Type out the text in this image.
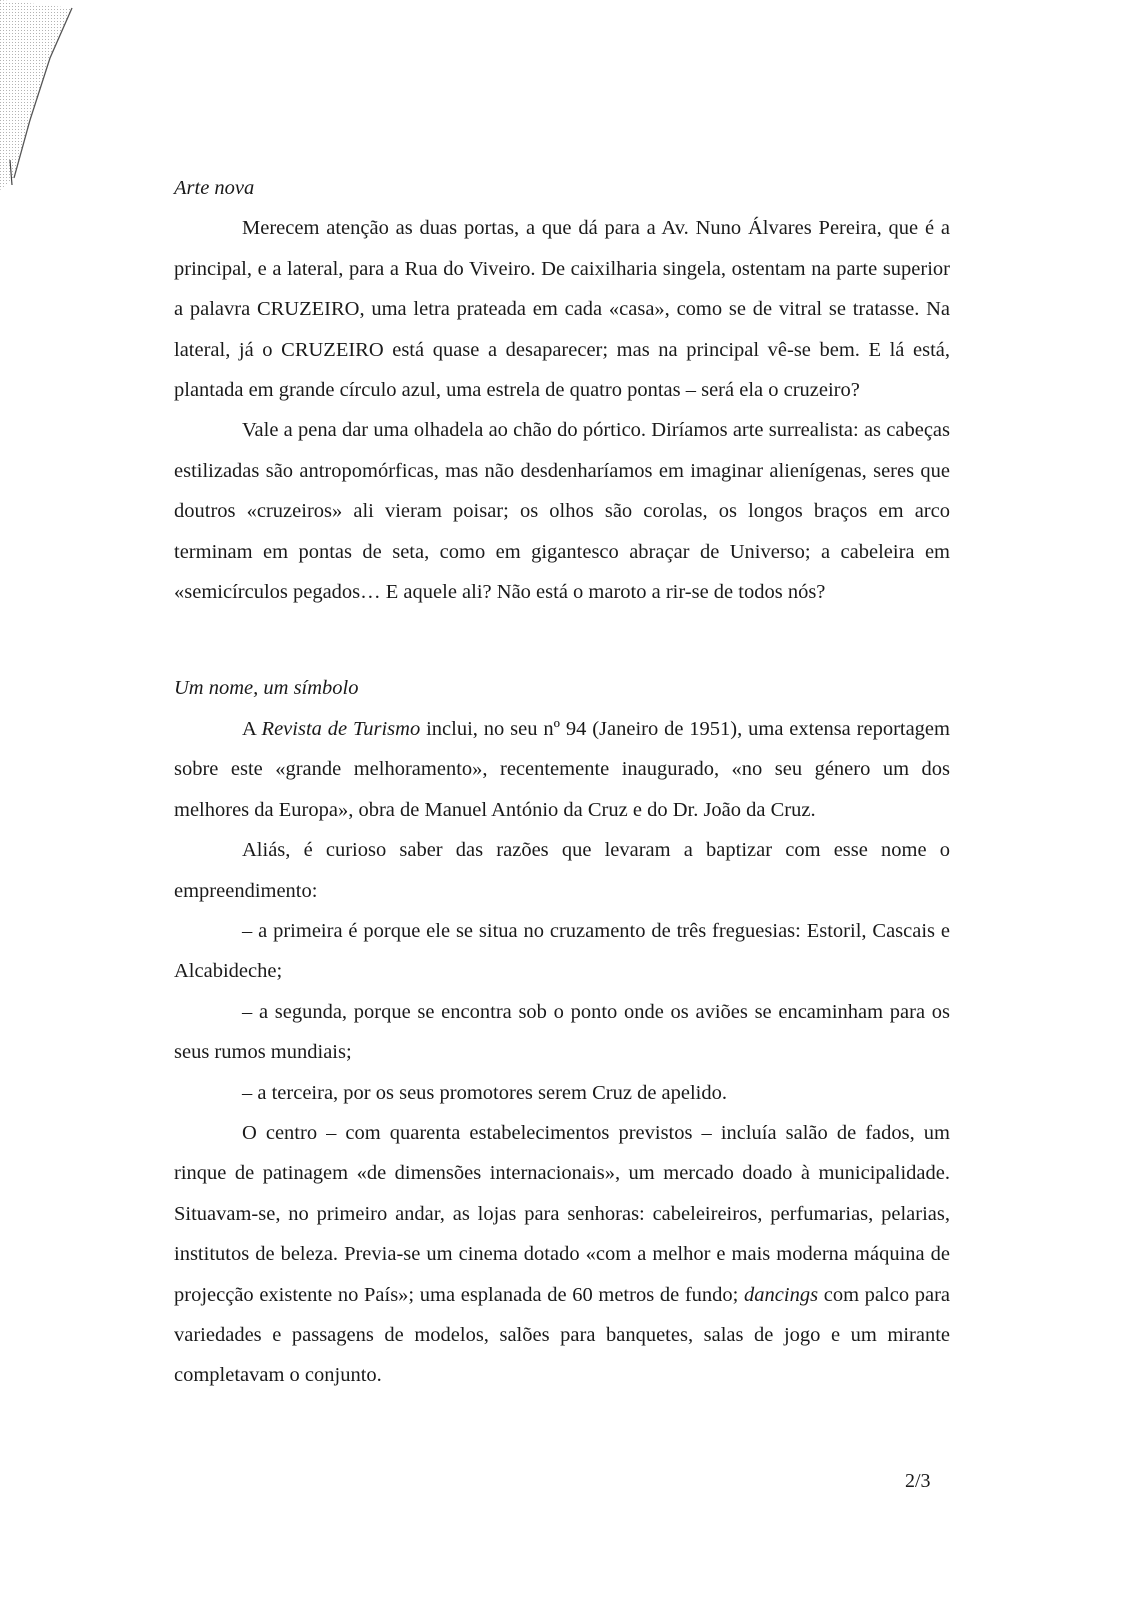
Arte nova

Merecem atenção as duas portas, a que dá para a Av. Nuno Álvares Pereira, que é a principal, e a lateral, para a Rua do Viveiro. De caixilharia singela, ostentam na parte superior a palavra CRUZEIRO, uma letra prateada em cada «casa», como se de vitral se tratasse. Na lateral, já o CRUZEIRO está quase a desaparecer; mas na principal vê-se bem. E lá está, plantada em grande círculo azul, uma estrela de quatro pontas – será ela o cruzeiro?

Vale a pena dar uma olhadela ao chão do pórtico. Diríamos arte surrealista: as cabeças estilizadas são antropomórficas, mas não desdenharíamos em imaginar alienígenas, seres que doutros «cruzeiros» ali vieram poisar; os olhos são corolas, os longos braços em arco terminam em pontas de seta, como em gigantesco abraçar de Universo; a cabeleira em «semicírculos pegados… E aquele ali? Não está o maroto a rir-se de todos nós?

Um nome, um símbolo

A Revista de Turismo inclui, no seu nº 94 (Janeiro de 1951), uma extensa reportagem sobre este «grande melhoramento», recentemente inaugurado, «no seu género um dos melhores da Europa», obra de Manuel António da Cruz e do Dr. João da Cruz.

Aliás, é curioso saber das razões que levaram a baptizar com esse nome o empreendimento:

– a primeira é porque ele se situa no cruzamento de três freguesias: Estoril, Cascais e Alcabideche;

– a segunda, porque se encontra sob o ponto onde os aviões se encaminham para os seus rumos mundiais;

– a terceira, por os seus promotores serem Cruz de apelido.

O centro – com quarenta estabelecimentos previstos – incluía salão de fados, um rinque de patinagem «de dimensões internacionais», um mercado doado à municipalidade. Situavam-se, no primeiro andar, as lojas para senhoras: cabeleireiros, perfumarias, pelarias, institutos de beleza. Previa-se um cinema dotado «com a melhor e mais moderna máquina de projecção existente no País»; uma esplanada de 60 metros de fundo; dancings com palco para variedades e passagens de modelos, salões para banquetes, salas de jogo e um mirante completavam o conjunto.

2/3
